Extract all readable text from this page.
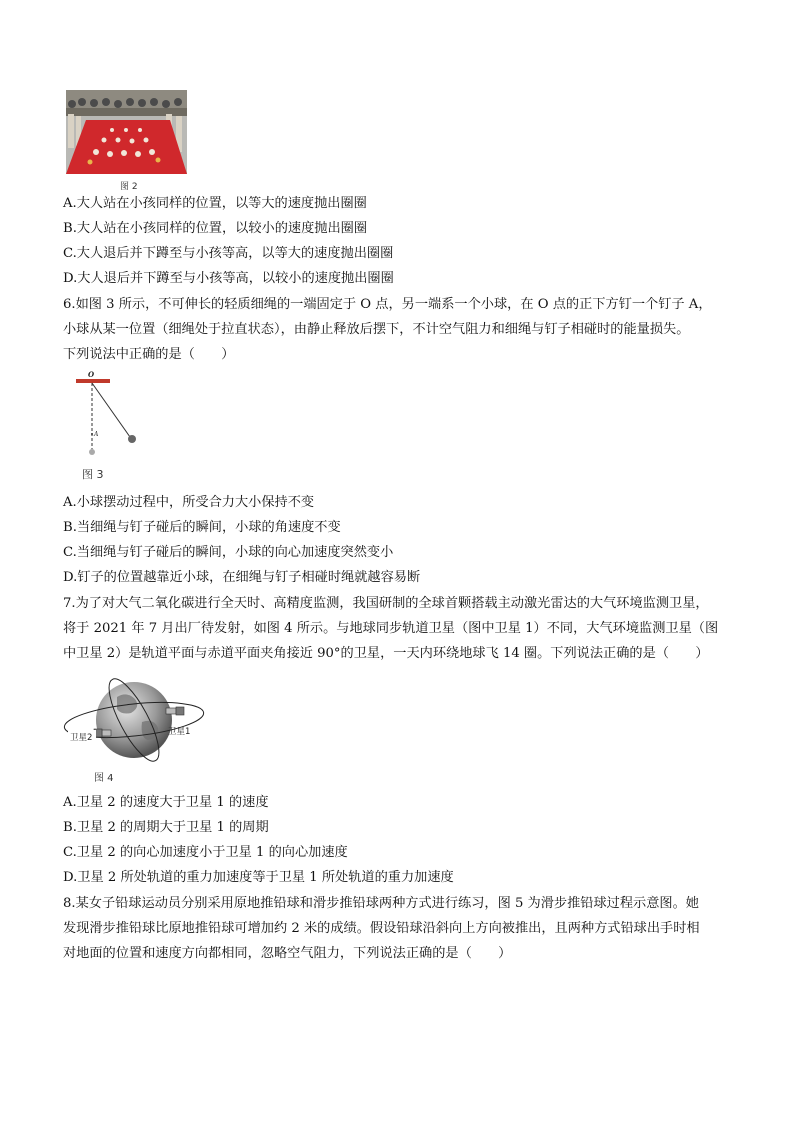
图 2
A.大人站在小孩同样的位置，以等大的速度抛出圈圈
B.大人站在小孩同样的位置，以较小的速度抛出圈圈
C.大人退后并下蹲至与小孩等高，以等大的速度抛出圈圈
D.大人退后并下蹲至与小孩等高，以较小的速度抛出圈圈
6.如图 3 所示，不可伸长的轻质细绳的一端固定于 O 点，另一端系一个小球，在 O 点的正下方钉一个钉子 A，
小球从某一位置（细绳处于拉直状态），由静止释放后摆下，不计空气阻力和细绳与钉子相碰时的能量损失。
下列说法中正确的是（　　）
O
A
图 3
A.小球摆动过程中，所受合力大小保持不变
B.当细绳与钉子碰后的瞬间，小球的角速度不变
C.当细绳与钉子碰后的瞬间，小球的向心加速度突然变小
D.钉子的位置越靠近小球，在细绳与钉子相碰时绳就越容易断
7.为了对大气二氧化碳进行全天时、高精度监测，我国研制的全球首颗搭载主动激光雷达的大气环境监测卫星，
将于 2021 年 7 月出厂待发射，如图 4 所示。与地球同步轨道卫星（图中卫星 1）不同，大气环境监测卫星（图
中卫星 2）是轨道平面与赤道平面夹角接近 90°的卫星，一天内环绕地球飞 14 圈。下列说法正确的是（　　）
卫星2
卫星1
图 4
A.卫星 2 的速度大于卫星 1 的速度
B.卫星 2 的周期大于卫星 1 的周期
C.卫星 2 的向心加速度小于卫星 1 的向心加速度
D.卫星 2 所处轨道的重力加速度等于卫星 1 所处轨道的重力加速度
8.某女子铅球运动员分别采用原地推铅球和滑步推铅球两种方式进行练习，图 5 为滑步推铅球过程示意图。她
发现滑步推铅球比原地推铅球可增加约 2 米的成绩。假设铅球沿斜向上方向被推出，且两种方式铅球出手时相
对地面的位置和速度方向都相同，忽略空气阻力，下列说法正确的是（　　）
